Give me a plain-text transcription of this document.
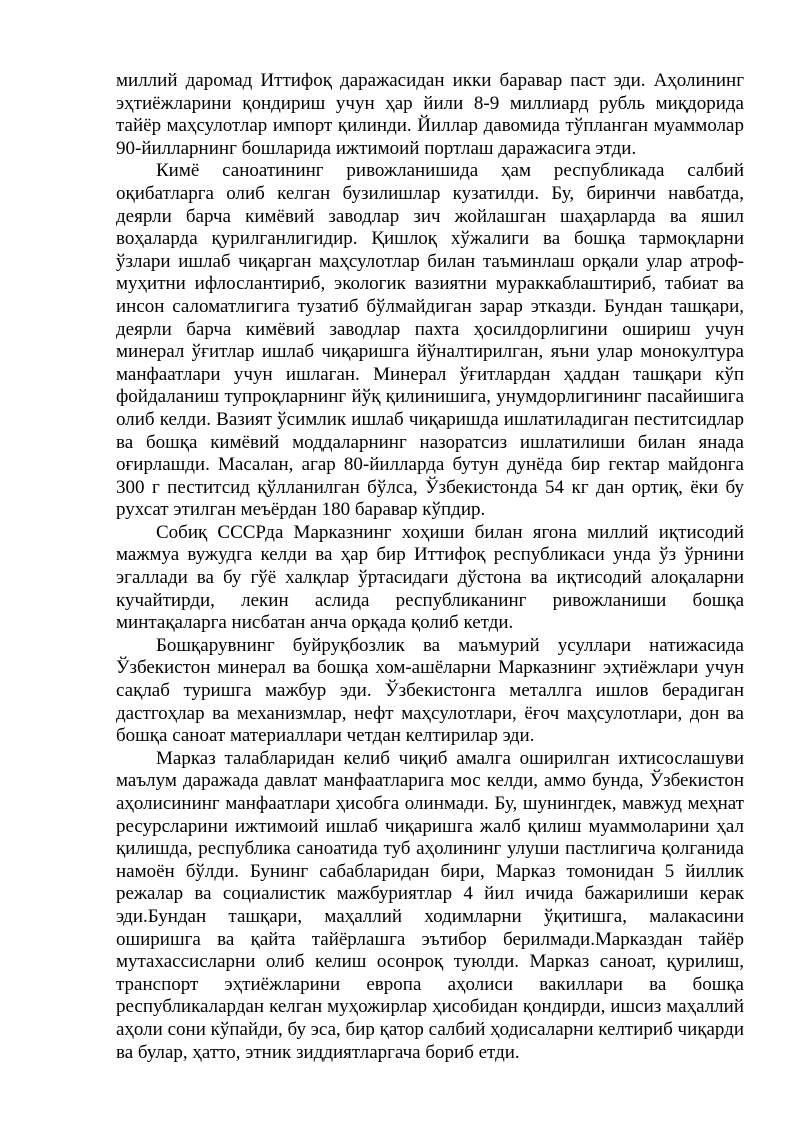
миллий даромад Иттифоқ даражасидан икки баравар паст эди. Аҳолининг эҳтиёжларини қондириш учун ҳар йили 8-9 миллиард рубль миқдорида тайёр маҳсулотлар импорт қилинди. Йиллар давомида тўпланган муаммолар 90-йилларнинг бошларида ижтимоий портлаш даражасига этди.

Кимё саноатининг ривожланишида ҳам республикада салбий оқибатларга олиб келган бузилишлар кузатилди. Бу, биринчи навбатда, деярли барча кимёвий заводлар зич жойлашган шаҳарларда ва яшил воҳаларда қурилганлигидир. Қишлоқ хўжалиги ва бошқа тармоқларни ўзлари ишлаб чиқарган маҳсулотлар билан таъминлаш орқали улар атроф-муҳитни ифлослантириб, экологик вазиятни мураккаблаштириб, табиат ва инсон саломатлигига тузатиб бўлмайдиган зарар этказди. Бундан ташқари, деярли барча кимёвий заводлар пахта ҳосилдорлигини ошириш учун минерал ўғитлар ишлаб чиқаришга йўналтирилган, яъни улар монокултура манфаатлари учун ишлаган. Минерал ўғитлардан ҳаддан ташқари кўп фойдаланиш тупроқларнинг йўқ қилинишига, унумдорлигининг пасайишига олиб келди. Вазият ўсимлик ишлаб чиқаришда ишлатиладиган пеститсидлар ва бошқа кимёвий моддаларнинг назоратсиз ишлатилиши билан янада оғирлашди. Масалан, агар 80-йилларда бутун дунёда бир гектар майдонга 300 г пеститсид қўлланилган бўлса, Ўзбекистонда 54 кг дан ортиқ, ёки бу рухсат этилган меъёрдан 180 баравар кўпдир.

Собиқ СССРда Марказнинг хоҳиши билан ягона миллий иқтисодий мажмуа вужудга келди ва ҳар бир Иттифоқ республикаси унда ўз ўрнини эгаллади ва бу гўё халқлар ўртасидаги дўстона ва иқтисодий алоқаларни кучайтирди, лекин аслида республиканинг ривожланиши бошқа минтақаларга нисбатан анча орқада қолиб кетди.

Бошқарувнинг буйруқбозлик ва маъмурий усуллари натижасида Ўзбекистон минерал ва бошқа хом-ашёларни Марказнинг эҳтиёжлари учун сақлаб туришга мажбур эди. Ўзбекистонга металлга ишлов берадиган дастгоҳлар ва механизмлар, нефт маҳсулотлари, ёғоч маҳсулотлари, дон ва бошқа саноат материаллари четдан келтирилар эди.

Марказ талабларидан келиб чиқиб амалга оширилган ихтисослашуви маълум даражада давлат манфаатларига мос келди, аммо бунда, Ўзбекистон аҳолисининг манфаатлари ҳисобга олинмади. Бу, шунингдек, мавжуд меҳнат ресурсларини ижтимоий ишлаб чиқаришга жалб қилиш муаммоларини ҳал қилишда, республика саноатида туб аҳолининг улуши пастлигича қолганида намоён бўлди. Бунинг сабабларидан бири, Марказ томонидан 5 йиллик режалар ва социалистик мажбуриятлар 4 йил ичида бажарилиши керак эди.Бундан ташқари, маҳаллий ходимларни ўқитишга, малакасини оширишга ва қайта тайёрлашга эътибор берилмади.Марказдан тайёр мутахассисларни олиб келиш осонроқ туюлди. Марказ саноат, қурилиш, транспорт эҳтиёжларини европа аҳолиси вакиллари ва бошқа республикалардан келган муҳожирлар ҳисобидан қондирди, ишсиз маҳаллий аҳоли сони кўпайди, бу эса, бир қатор салбий ҳодисаларни келтириб чиқарди ва булар, ҳатто, этник зиддиятларгача бориб етди.
